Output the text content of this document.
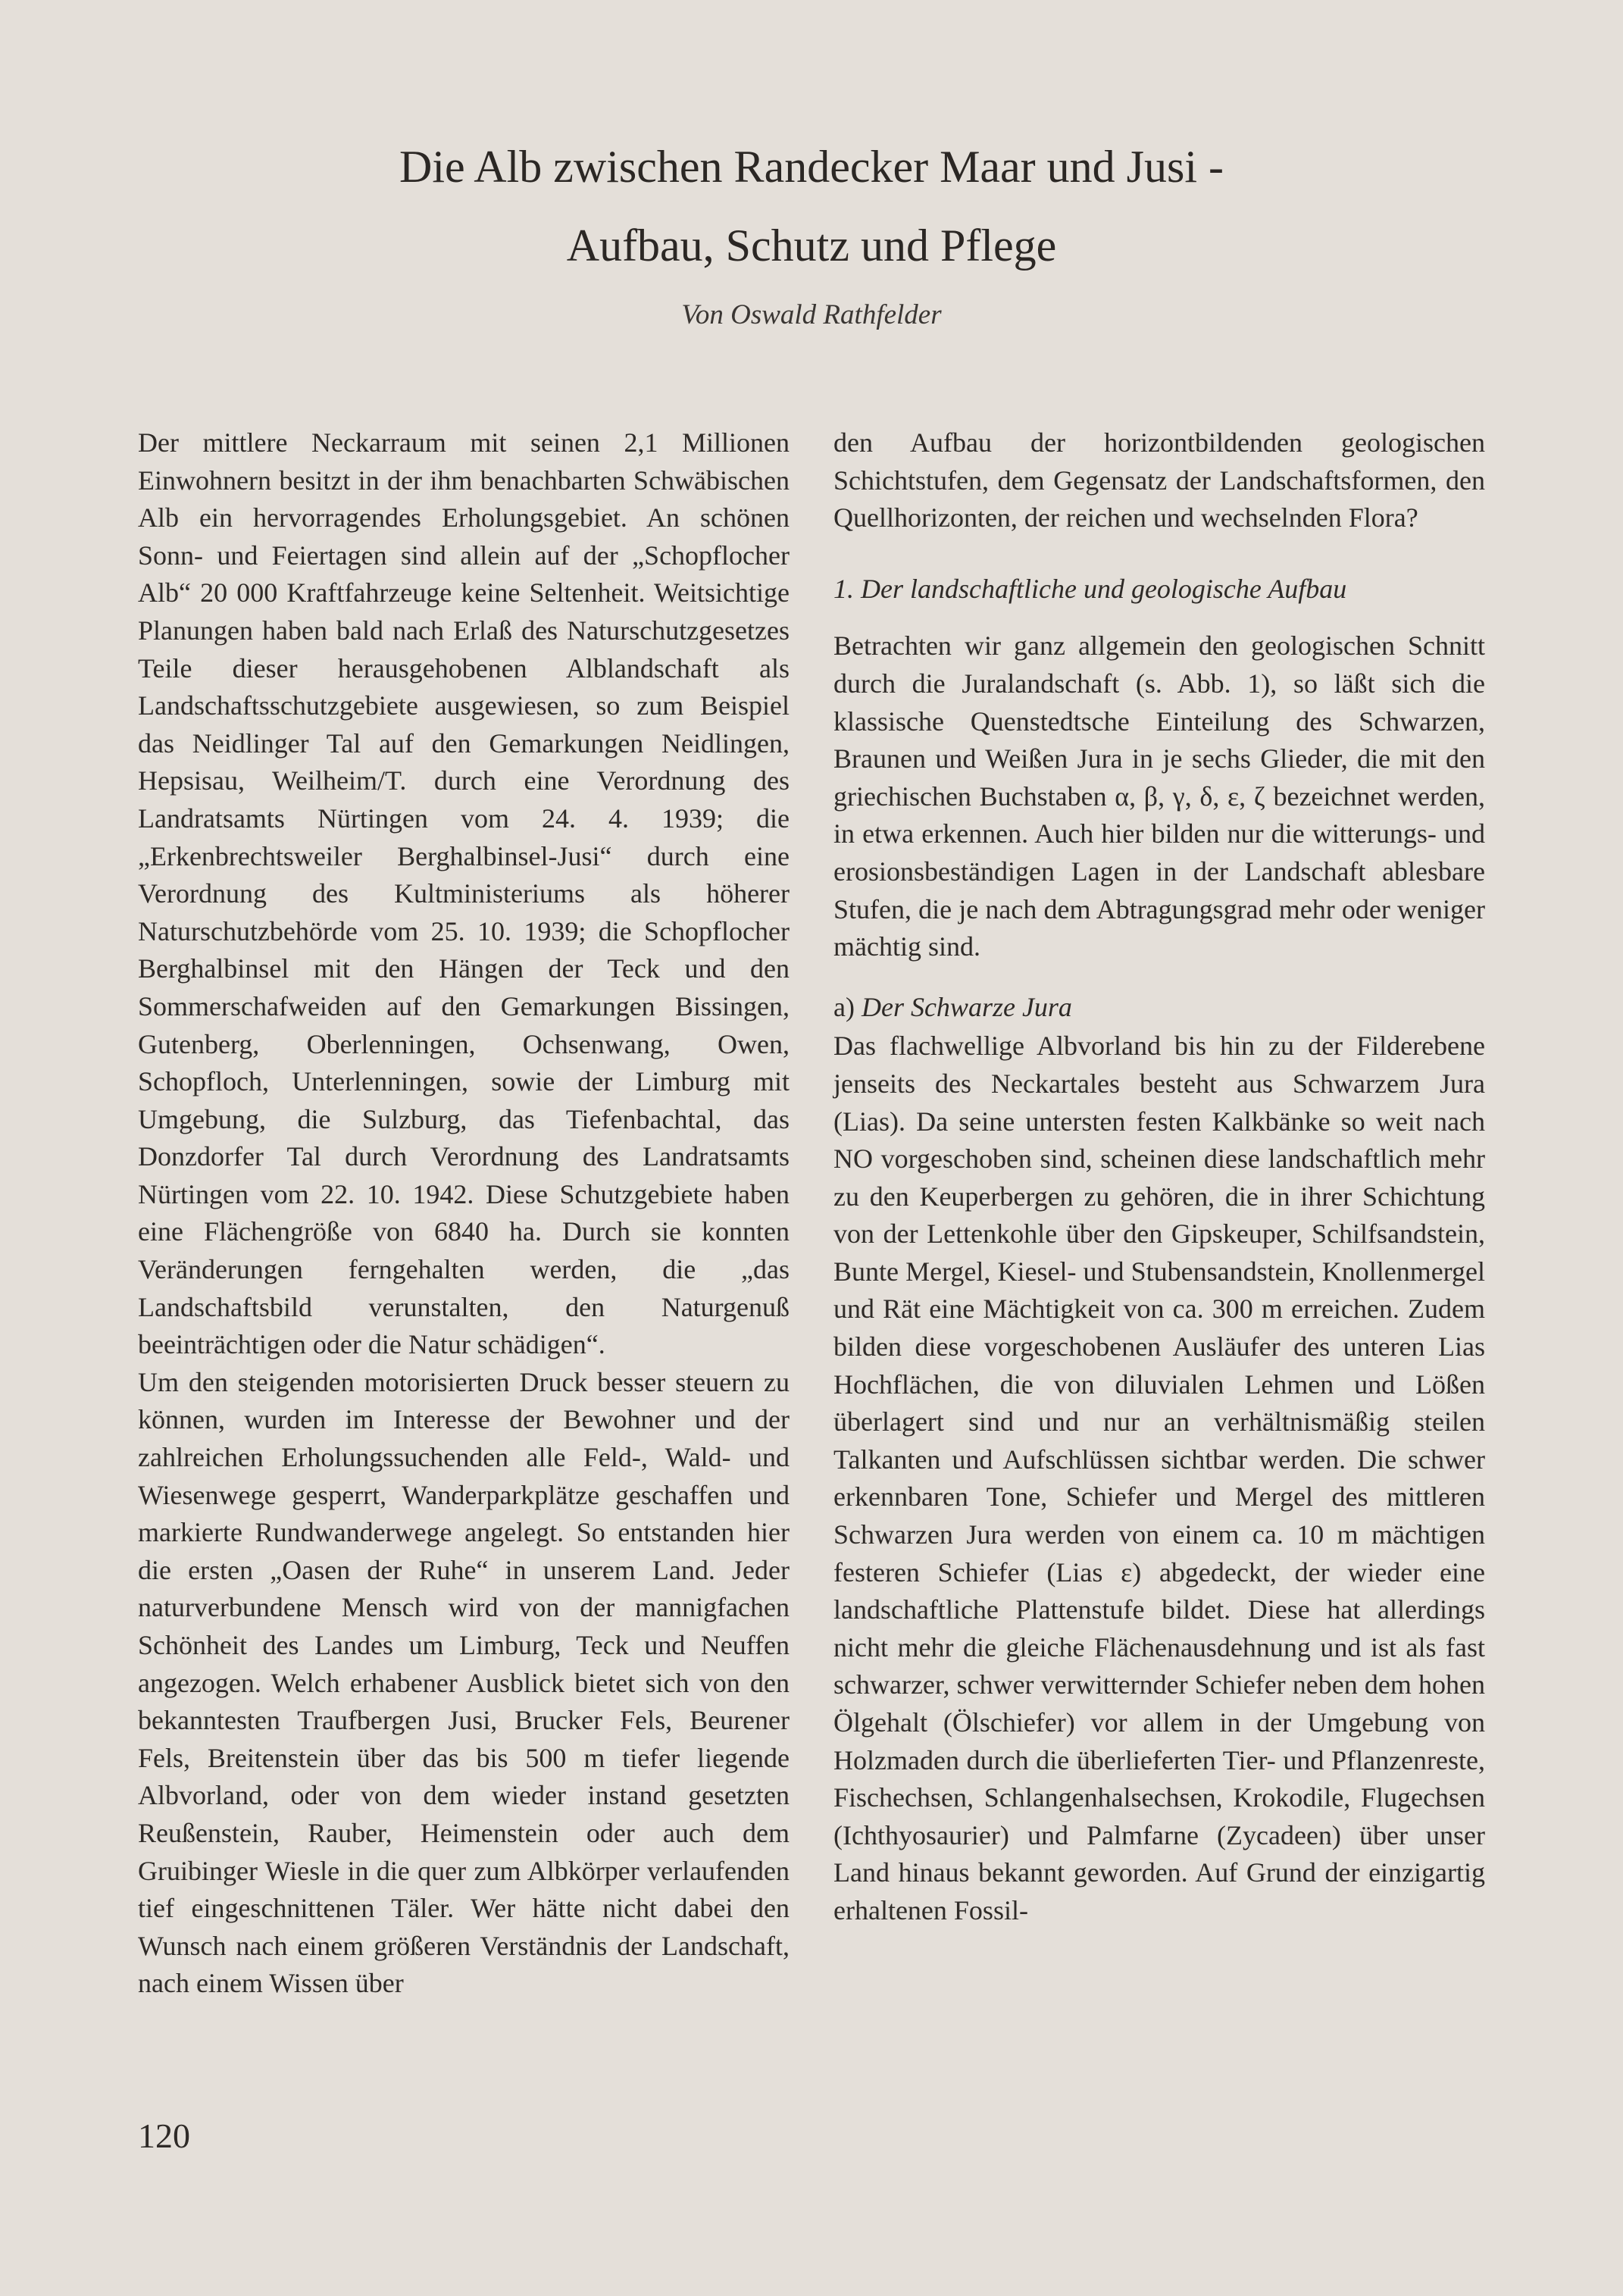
Die Alb zwischen Randecker Maar und Jusi -
Aufbau, Schutz und Pflege
Von Oswald Rathfelder

Der mittlere Neckarraum mit seinen 2,1 Millionen Einwohnern besitzt in der ihm benachbarten Schwäbischen Alb ein hervorragendes Erholungsgebiet. An schönen Sonn- und Feiertagen sind allein auf der „Schopflocher Alb“ 20 000 Kraftfahrzeuge keine Seltenheit. Weitsichtige Planungen haben bald nach Erlaß des Naturschutzgesetzes Teile dieser herausgehobenen Alblandschaft als Landschaftsschutzgebiete ausgewiesen, so zum Beispiel das Neidlinger Tal auf den Gemarkungen Neidlingen, Hepsisau, Weilheim/T. durch eine Verordnung des Landratsamts Nürtingen vom 24. 4. 1939; die „Erkenbrechtsweiler Berghalbinsel-Jusi“ durch eine Verordnung des Kultministeriums als höherer Naturschutzbehörde vom 25. 10. 1939; die Schopflocher Berghalbinsel mit den Hängen der Teck und den Sommerschafweiden auf den Gemarkungen Bissingen, Gutenberg, Oberlenningen, Ochsenwang, Owen, Schopfloch, Unterlenningen, sowie der Limburg mit Umgebung, die Sulzburg, das Tiefenbachtal, das Donzdorfer Tal durch Verordnung des Landratsamts Nürtingen vom 22. 10. 1942. Diese Schutzgebiete haben eine Flächengröße von 6840 ha. Durch sie konnten Veränderungen ferngehalten werden, die „das Landschaftsbild verunstalten, den Naturgenuß beeinträchtigen oder die Natur schädigen“.

Um den steigenden motorisierten Druck besser steuern zu können, wurden im Interesse der Bewohner und der zahlreichen Erholungssuchenden alle Feld-, Wald- und Wiesenwege gesperrt, Wanderparkplätze geschaffen und markierte Rundwanderwege angelegt. So entstanden hier die ersten „Oasen der Ruhe“ in unserem Land. Jeder naturverbundene Mensch wird von der mannigfachen Schönheit des Landes um Limburg, Teck und Neuffen angezogen. Welch erhabener Ausblick bietet sich von den bekanntesten Traufbergen Jusi, Brucker Fels, Beurener Fels, Breitenstein über das bis 500 m tiefer liegende Albvorland, oder von dem wieder instand gesetzten Reußenstein, Rauber, Heimenstein oder auch dem Gruibinger Wiesle in die quer zum Albkörper verlaufenden tief eingeschnittenen Täler. Wer hätte nicht dabei den Wunsch nach einem größeren Verständnis der Landschaft, nach einem Wissen über

den Aufbau der horizontbildenden geologischen Schichtstufen, dem Gegensatz der Landschaftsformen, den Quellhorizonten, der reichen und wechselnden Flora?

1. Der landschaftliche und geologische Aufbau

Betrachten wir ganz allgemein den geologischen Schnitt durch die Juralandschaft (s. Abb. 1), so läßt sich die klassische Quenstedtsche Einteilung des Schwarzen, Braunen und Weißen Jura in je sechs Glieder, die mit den griechischen Buchstaben α, β, γ, δ, ε, ζ bezeichnet werden, in etwa erkennen. Auch hier bilden nur die witterungs- und erosionsbeständigen Lagen in der Landschaft ablesbare Stufen, die je nach dem Abtragungsgrad mehr oder weniger mächtig sind.

a) Der Schwarze Jura

Das flachwellige Albvorland bis hin zu der Filderebene jenseits des Neckartales besteht aus Schwarzem Jura (Lias). Da seine untersten festen Kalkbänke so weit nach NO vorgeschoben sind, scheinen diese landschaftlich mehr zu den Keuperbergen zu gehören, die in ihrer Schichtung von der Lettenkohle über den Gipskeuper, Schilfsandstein, Bunte Mergel, Kiesel- und Stubensandstein, Knollenmergel und Rät eine Mächtigkeit von ca. 300 m erreichen. Zudem bilden diese vorgeschobenen Ausläufer des unteren Lias Hochflächen, die von diluvialen Lehmen und Lößen überlagert sind und nur an verhältnismäßig steilen Talkanten und Aufschlüssen sichtbar werden. Die schwer erkennbaren Tone, Schiefer und Mergel des mittleren Schwarzen Jura werden von einem ca. 10 m mächtigen festeren Schiefer (Lias ε) abgedeckt, der wieder eine landschaftliche Plattenstufe bildet. Diese hat allerdings nicht mehr die gleiche Flächenausdehnung und ist als fast schwarzer, schwer verwitternder Schiefer neben dem hohen Ölgehalt (Ölschiefer) vor allem in der Umgebung von Holzmaden durch die überlieferten Tier- und Pflanzenreste, Fischechsen, Schlangenhalsechsen, Krokodile, Flugechsen (Ichthyosaurier) und Palmfarne (Zycadeen) über unser Land hinaus bekannt geworden. Auf Grund der einzigartig erhaltenen Fossil-

120
